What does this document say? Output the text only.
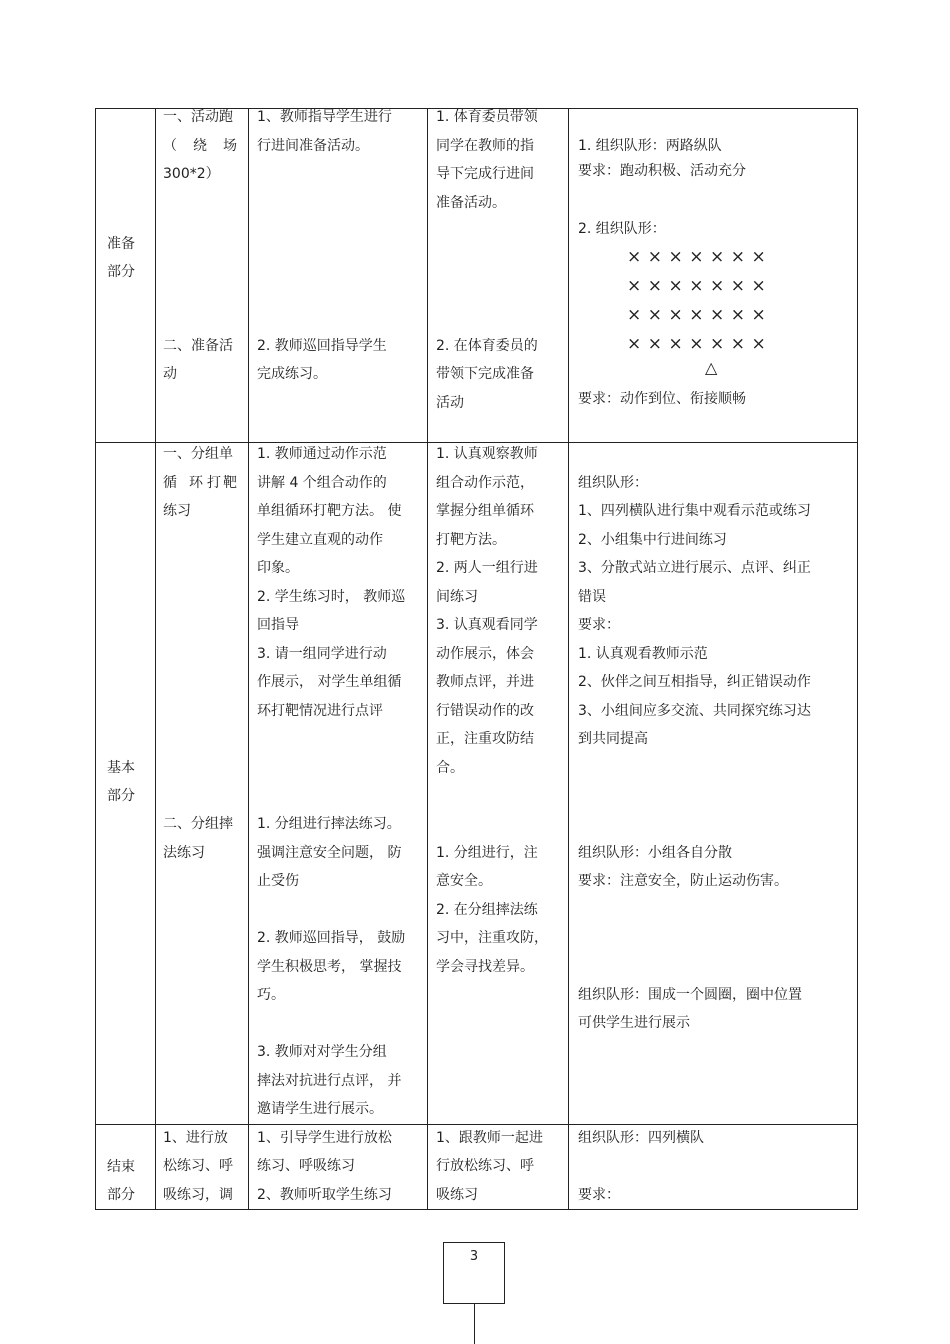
准备
部分
一、活动跑
（ 绕 场
300*2）
二、准备活
动
1、教师指导学生进行
行进间准备活动。
2. 教师巡回指导学生
完成练习。
1. 体育委员带领
同学在教师的指
导下完成行进间
准备活动。
2. 在体育委员的
带领下完成准备
活动
1. 组织队形：两路纵队
要求：跑动积极、活动充分
2. 组织队形：
×××××××
×××××××
×××××××
×××××××
△
要求：动作到位、衔接顺畅
基本
部分
一、分组单
循 环 打 靶
练习
二、分组摔
法练习
1. 教师通过动作示范
讲解 4 个组合动作的
单组循环打靶方法。 使
学生建立直观的动作
印象。
2. 学生练习时， 教师巡
回指导
3. 请一组同学进行动
作展示， 对学生单组循
环打靶情况进行点评
1. 分组进行摔法练习。
强调注意安全问题， 防
止受伤
2. 教师巡回指导， 鼓励
学生积极思考， 掌握技
巧。
3. 教师对对学生分组
摔法对抗进行点评， 并
邀请学生进行展示。
1. 认真观察教师
组合动作示范，
掌握分组单循环
打靶方法。
2. 两人一组行进
间练习
3. 认真观看同学
动作展示，体会
教师点评，并进
行错误动作的改
正，注重攻防结
合。
1. 分组进行，注
意安全。
2. 在分组摔法练
习中，注重攻防，
学会寻找差异。
组织队形：
1、四列横队进行集中观看示范或练习
2、小组集中行进间练习
3、分散式站立进行展示、点评、纠正
错误
要求：
1. 认真观看教师示范
2、伙伴之间互相指导，纠正错误动作
3、小组间应多交流、共同探究练习达
到共同提高
组织队形：小组各自分散
要求：注意安全，防止运动伤害。
组织队形：围成一个圆圈，圈中位置
可供学生进行展示
结束
部分
1、进行放
松练习、呼
吸练习，调
1、引导学生进行放松
练习、呼吸练习
2、教师听取学生练习
1、跟教师一起进
行放松练习、呼
吸练习
组织队形：四列横队
要求：
3
